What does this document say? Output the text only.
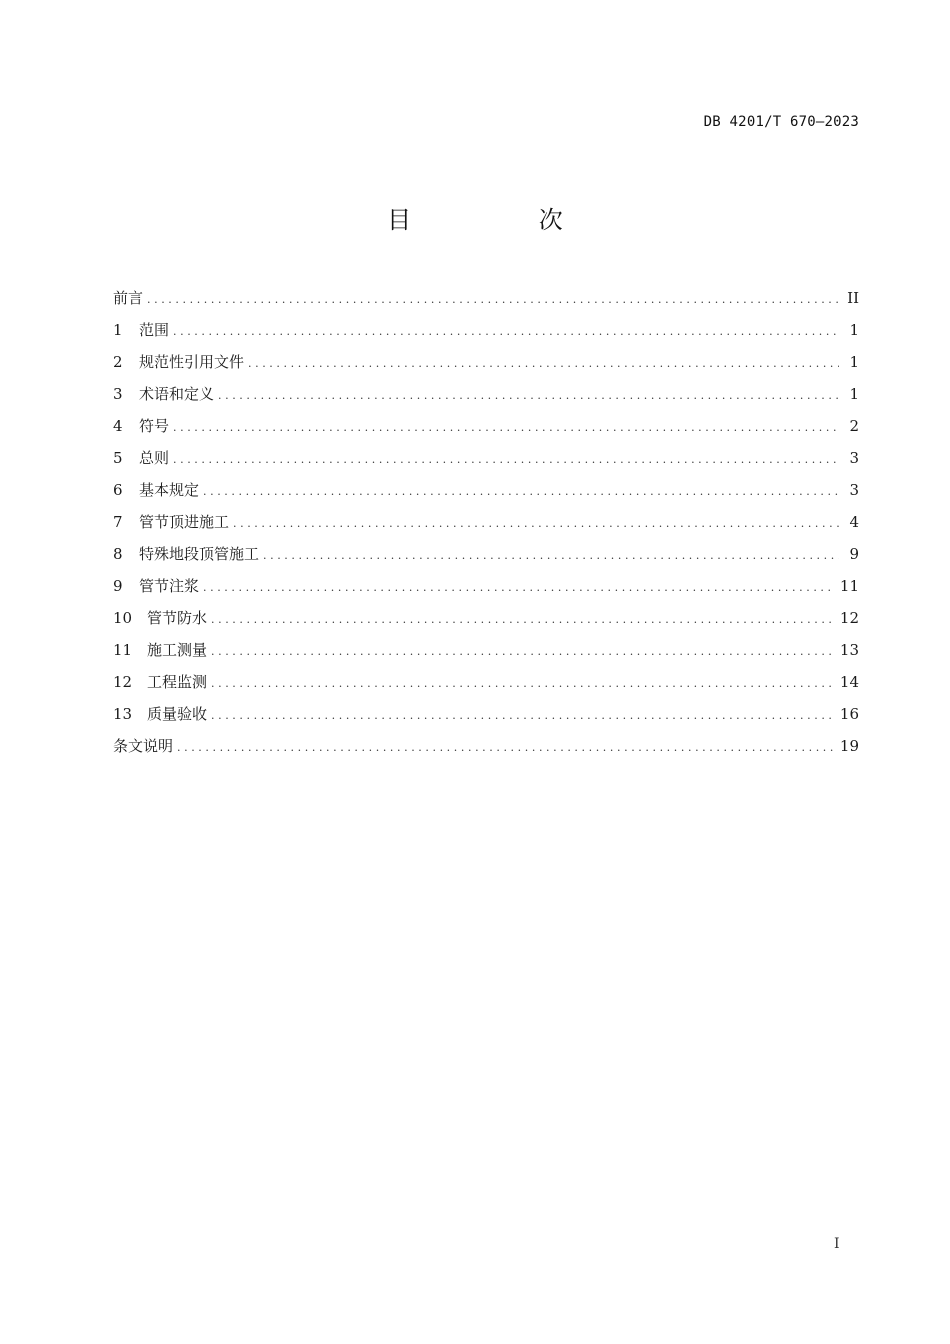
DB 4201/T 670—2023
目 次
前言 .....	II
1	范围 .....	1
2	规范性引用文件 .....	1
3	术语和定义 .....	1
4	符号 .....	2
5	总则 .....	3
6	基本规定 .....	3
7	管节顶进施工 .....	4
8	特殊地段顶管施工 .....	9
9	管节注浆 .....	11
10 管节防水 .....	12
11 施工测量 .....	13
12 工程监测 .....	14
13 质量验收 .....	16
条文说明 .....	19
I
